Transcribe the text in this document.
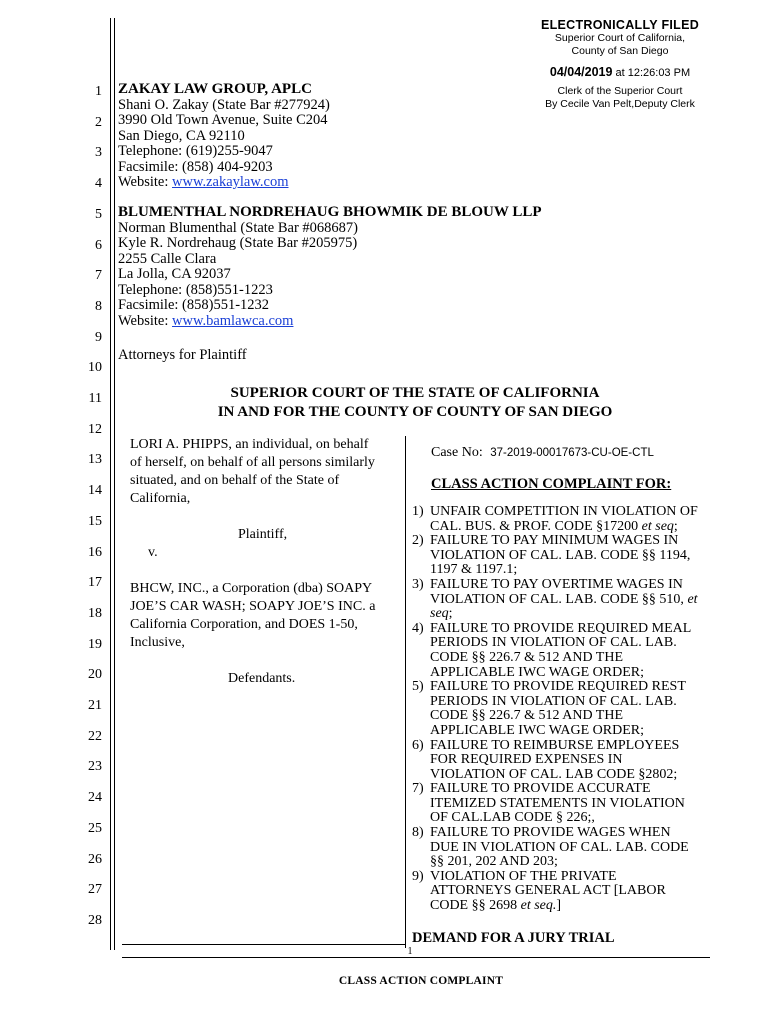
1
2
3
4
5
6
7
8
9
10
11
12
13
14
15
16
17
18
19
20
21
22
23
24
25
26
27
28
ELECTRONICALLY FILED
Superior Court of California,
County of San Diego
04/04/2019 at 12:26:03 PM
Clerk of the Superior Court
By Cecile Van Pelt,Deputy Clerk
ZAKAY LAW GROUP, APLC
Shani O. Zakay (State Bar #277924)
3990 Old Town Avenue, Suite C204
San Diego, CA 92110
Telephone: (619)255-9047
Facsimile: (858) 404-9203
Website: www.zakaylaw.com
BLUMENTHAL NORDREHAUG BHOWMIK DE BLOUW LLP
Norman Blumenthal (State Bar #068687)
Kyle R. Nordrehaug (State Bar #205975)
2255 Calle Clara
La Jolla, CA 92037
Telephone: (858)551-1223
Facsimile: (858)551-1232
Website: www.bamlawca.com
Attorneys for Plaintiff
SUPERIOR COURT OF THE STATE OF CALIFORNIA
IN AND FOR THE COUNTY OF COUNTY OF SAN DIEGO
LORI A. PHIPPS, an individual, on behalf
of herself, on behalf of all persons similarly
situated, and on behalf of the State of
California,
Plaintiff,
v.
BHCW, INC., a Corporation (dba) SOAPY
JOE’S CAR WASH; SOAPY JOE’S INC. a
California Corporation, and DOES 1-50,
Inclusive,
Defendants.
Case No: 37-2019-00017673-CU-OE-CTL
CLASS ACTION COMPLAINT FOR:
1) UNFAIR COMPETITION IN VIOLATION OF
CAL. BUS. & PROF. CODE §17200 et seq;
2) FAILURE TO PAY MINIMUM WAGES IN
VIOLATION OF CAL. LAB. CODE §§ 1194,
1197 & 1197.1;
3) FAILURE TO PAY OVERTIME WAGES IN
VIOLATION OF CAL. LAB. CODE §§ 510, et
seq;
4) FAILURE TO PROVIDE REQUIRED MEAL
PERIODS IN VIOLATION OF CAL. LAB.
CODE §§ 226.7 & 512 AND THE
APPLICABLE IWC WAGE ORDER;
5) FAILURE TO PROVIDE REQUIRED REST
PERIODS IN VIOLATION OF CAL. LAB.
CODE §§ 226.7 & 512 AND THE
APPLICABLE IWC WAGE ORDER;
6) FAILURE TO REIMBURSE EMPLOYEES
FOR REQUIRED EXPENSES IN
VIOLATION OF CAL. LAB CODE §2802;
7) FAILURE TO PROVIDE ACCURATE
ITEMIZED STATEMENTS IN VIOLATION
OF CAL.LAB CODE § 226;,
8) FAILURE TO PROVIDE WAGES WHEN
DUE IN VIOLATION OF CAL. LAB. CODE
§§ 201, 202 AND 203;
9) VIOLATION OF THE PRIVATE
ATTORNEYS GENERAL ACT [LABOR
CODE §§ 2698 et seq.]
DEMAND FOR A JURY TRIAL
1
CLASS ACTION COMPLAINT
